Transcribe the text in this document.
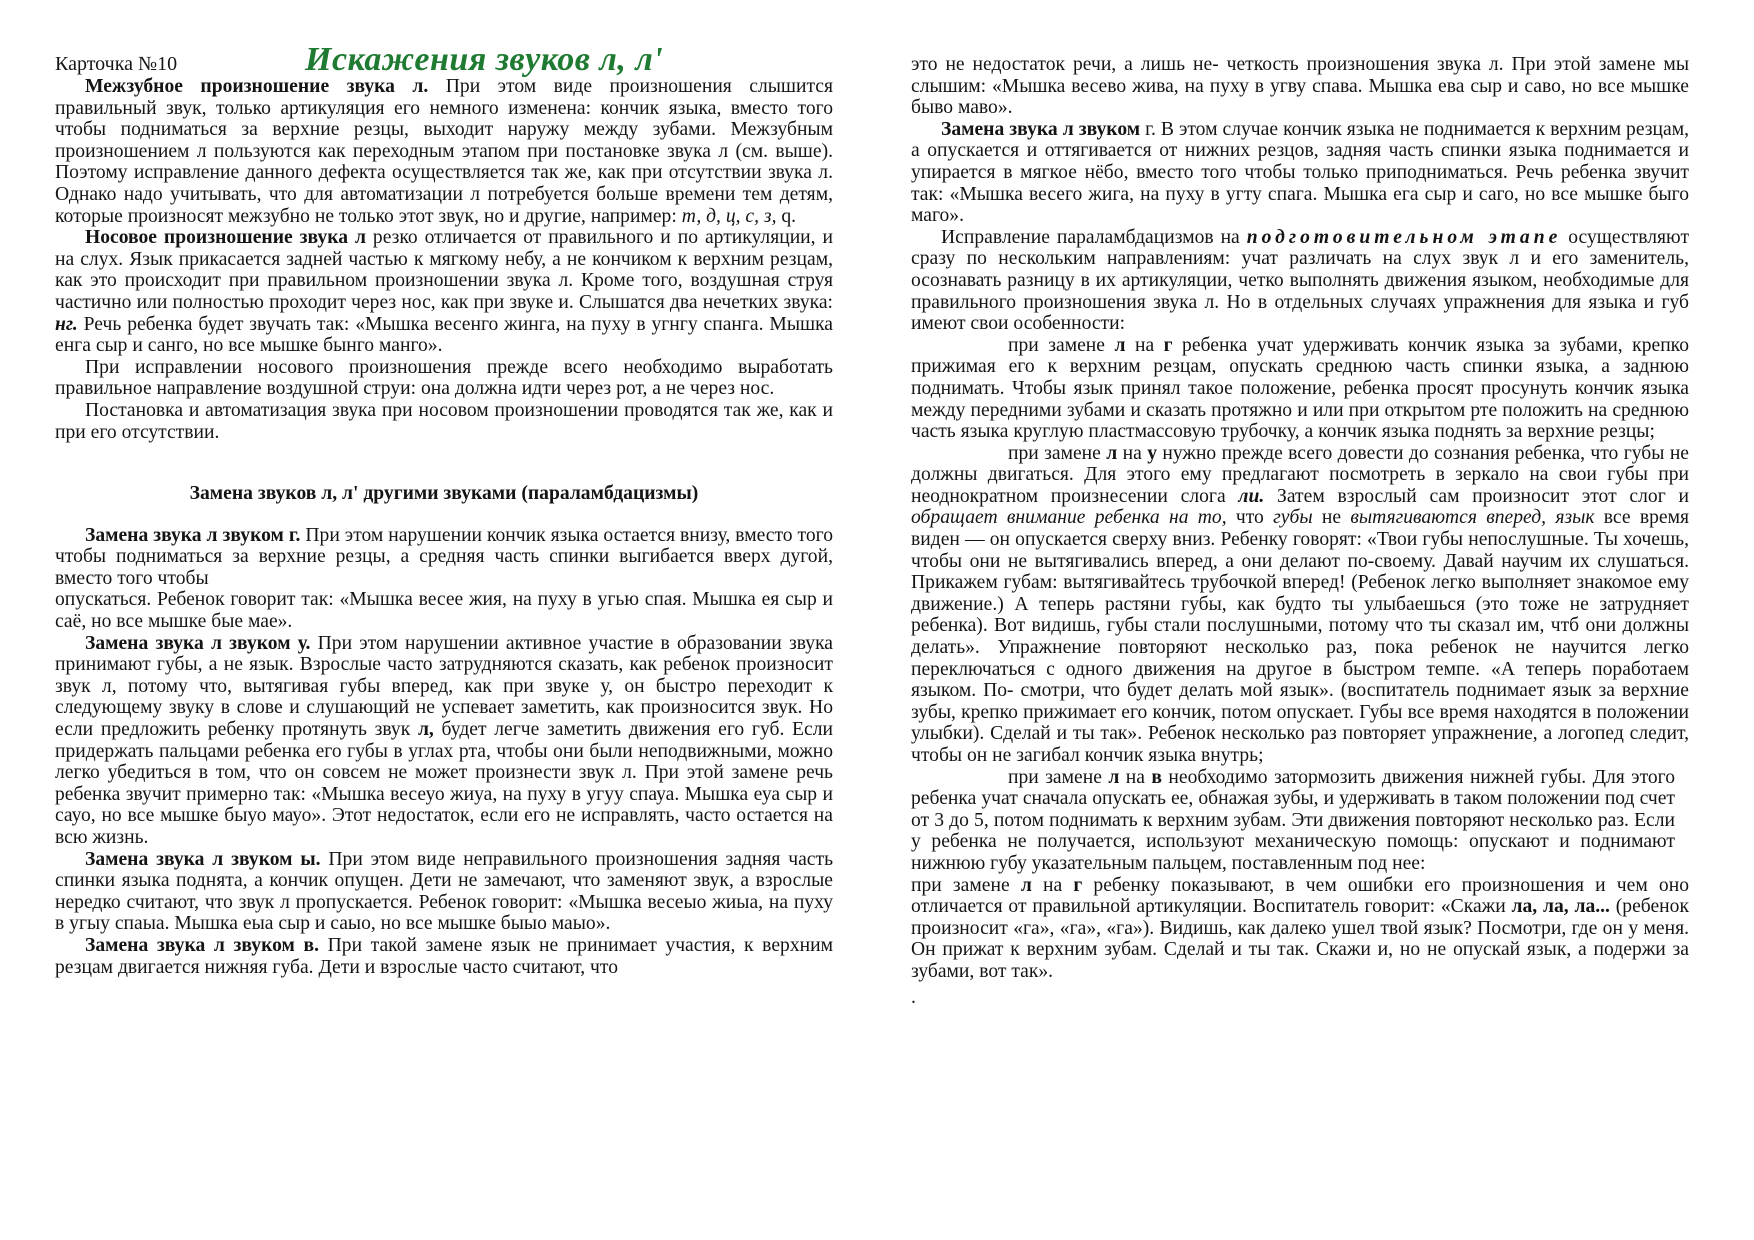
Карточка №10	Искажения звуков л, л'

Межзубное произношение звука л. При этом виде произношения слышится правильный звук, только артикуляция его немного изменена: кончик языка, вместо того чтобы подниматься за верхние резцы, выходит наружу между зубами. Межзубным произношением л пользуются как переходным этапом при постановке звука л (см. выше). Поэтому исправление данного дефекта осуществляется так же, как при отсутствии звука л. Однако надо учитывать, что для автоматизации л потребуется больше времени тем детям, которые произносят межзубно не только этот звук, но и другие, например: т, д, ц, с, з, q.

Носовое произношение звука л резко отличается от правильного и по артикуляции, и на слух. Язык прикасается задней частью к мягкому небу, а не кончиком к верхним резцам, как это происходит при правильном произношении звука л. Кроме того, воздушная струя частично или полностью проходит через нос, как при звуке и. Слышатся два нечетких звука: нг. Речь ребенка будет звучать так: «Мышка весенго жинга, на пуху в угнгу спанга. Мышка енга сыр и санго, но все мышке бынго манго».

При исправлении носового произношения прежде всего необходимо выработать правильное направление воздушной струи: она должна идти через рот, а не через нос.

Постановка и автоматизация звука при носовом произношении проводятся так же, как и при его отсутствии.

Замена звуков л, л' другими звуками (параламбдацизмы)

Замена звука л звуком г. При этом нарушении кончик языка остается внизу, вместо того чтобы подниматься за верхние резцы, а средняя часть спинки выгибается вверх дугой, вместо того чтобы

опускаться. Ребенок говорит так: «Мышка весее жия, на пуху в угью спая. Мышка ея сыр и саё, но все мышке бые мае».

Замена звука л звуком у. При этом нарушении активное участие в образовании звука принимают губы, а не язык. Взрослые часто затрудняются сказать, как ребенок произносит звук л, потому что, вытягивая губы вперед, как при звуке у, он быстро переходит к следующему звуку в слове и слушающий не успевает заметить, как произносится звук. Но если предложить ребенку протянуть звук л, будет легче заметить движения его губ. Если придержать пальцами ребенка его губы в углах рта, чтобы они были неподвижными, можно легко убедиться в том, что он совсем не может произнести звук л. При этой замене речь ребенка звучит примерно так: «Мышка весеуо жиуа, на пуху в угуу спауа. Мышка еуа сыр и сауо, но все мышке быуо мауо». Этот недостаток, если его не исправлять, часто остается на всю жизнь.

Замена звука л звуком ы. При этом виде неправильного произношения задняя часть спинки языка поднята, а кончик опущен. Дети не замечают, что заменяют звук, а взрослые нередко считают, что звук л пропускается. Ребенок говорит: «Мышка весеыо жиыа, на пуху в угыу спаыа. Мышка еыа сыр и саыо, но все мышке быыо маыо».

Замена звука л звуком в. При такой замене язык не принимает участия, к верхним резцам двигается нижняя губа. Дети и взрослые часто считают, что

это не недостаток речи, а лишь не- четкость произношения звука л. При этой замене мы слышим: «Мышка весево жива, на пуху в угву спава. Мышка ева сыр и саво, но все мышке быво маво».

Замена звука л звуком г. В этом случае кончик языка не поднимается к верхним резцам, а опускается и оттягивается от нижних резцов, задняя часть спинки языка поднимается и упирается в мягкое нёбо, вместо того чтобы только приподниматься. Речь ребенка звучит так: «Мышка весего жига, на пуху в угту спага. Мышка ега сыр и саго, но все мышке быго маго».

Исправление параламбдацизмов на подготовительном этапе осуществляют сразу по нескольким направлениям: учат различать на слух звук л и его заменитель, осознавать разницу в их артикуляции, четко выполнять движения языком, необходимые для правильного произношения звука л. Но в отдельных случаях упражнения для языка и губ имеют свои особенности:

при замене л на г ребенка учат удерживать кончик языка за зубами, крепко прижимая его к верхним резцам, опускать среднюю часть спинки языка, а заднюю поднимать. Чтобы язык принял такое положение, ребенка просят просунуть кончик языка между передними зубами и сказать протяжно и или при открытом рте положить на среднюю часть языка круглую пластмассовую трубочку, а кончик языка поднять за верхние резцы;

при замене л на у нужно прежде всего довести до сознания ребенка, что губы не должны двигаться. Для этого ему предлагают посмотреть в зеркало на свои губы при неоднократном произнесении слога ли. Затем взрослый сам произносит этот слог и обращает внимание ребенка на то, что губы не вытягиваются вперед, язык все время виден — он опускается сверху вниз. Ребенку говорят: «Твои губы непослушные. Ты хочешь, чтобы они не вытягивались вперед, а они делают по-своему. Давай научим их слушаться. Прикажем губам: вытягивайтесь трубочкой вперед! (Ребенок легко выполняет знакомое ему движение.) А теперь растяни губы, как будто ты улыбаешься (это тоже не затрудняет ребенка). Вот видишь, губы стали послушными, потому что ты сказал им, чтб они должны делать». Упражнение повторяют несколько раз, пока ребенок не научится легко переключаться с одного движения на другое в быстром темпе. «А теперь поработаем языком. По- смотри, что будет делать мой язык». (воспитатель поднимает язык за верхние зубы, крепко прижимает его кончик, потом опускает. Губы все время находятся в положении улыбки). Сделай и ты так». Ребенок несколько раз повторяет упражнение, а логопед следит, чтобы он не загибал кончик языка внутрь;

при замене л на в необходимо затормозить движения нижней губы. Для этого ребенка учат сначала опускать ее, обнажая зубы, и удерживать в таком положении под счет от 3 до 5, потом поднимать к верхним зубам. Эти движения повторяют несколько раз. Если у ребенка не получается, используют механическую помощь: опускают и поднимают нижнюю губу указательным пальцем, поставленным под нее:

при замене л на г ребенку показывают, в чем ошибки его произношения и чем оно отличается от правильной артикуляции. Воспитатель говорит: «Скажи ла, ла, ла... (ребенок произносит «га», «га», «га»). Видишь, как далеко ушел твой язык? Посмотри, где он у меня. Он прижат к верхним зубам. Сделай и ты так. Скажи и, но не опускай язык, а подержи за зубами, вот так».

.
